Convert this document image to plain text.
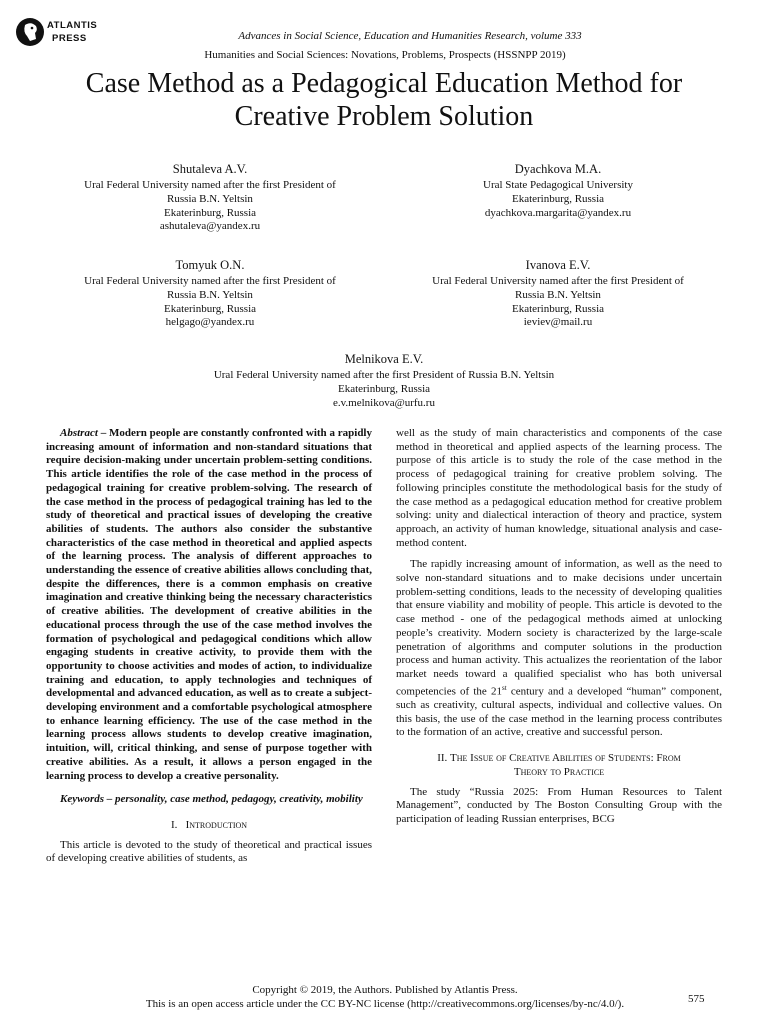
ATLANTIS
PRESS	Advances in Social Science, Education and Humanities Research, volume 333
Humanities and Social Sciences: Novations, Problems, Prospects (HSSNPP 2019)
Case Method as a Pedagogical Education Method for
Creative Problem Solution
Shutaleva A.V.
Ural Federal University named after the first President of
Russia B.N. Yeltsin
Ekaterinburg, Russia
ashutaleva@yandex.ru
Dyachkova M.A.
Ural State Pedagogical University
Ekaterinburg, Russia
dyachkova.margarita@yandex.ru
Tomyuk O.N.
Ural Federal University named after the first President of
Russia B.N. Yeltsin
Ekaterinburg, Russia
helgago@yandex.ru
Ivanova E.V.
Ural Federal University named after the first President of
Russia B.N. Yeltsin
Ekaterinburg, Russia
ieviev@mail.ru
Melnikova E.V.
Ural Federal University named after the first President of Russia B.N. Yeltsin
Ekaterinburg, Russia
e.v.melnikova@urfu.ru

Abstract – Modern people are constantly confronted with a rapidly increasing amount of information and non-standard situations that require decision-making under uncertain problem-setting conditions. This article identifies the role of the case method in the process of pedagogical training for creative problem-solving. The research of the case method in the process of pedagogical training has led to the study of theoretical and practical issues of developing the creative abilities of students. The authors also consider the substantive characteristics of the case method in theoretical and applied aspects of the learning process. The analysis of different approaches to understanding the essence of creative abilities allows concluding that, despite the differences, there is a common emphasis on creative imagination and creative thinking being the necessary characteristics of creative abilities. The development of creative abilities in the educational process through the use of the case method involves the formation of psychological and pedagogical conditions which allow engaging students in creative activity, to provide them with the opportunity to choose activities and modes of action, to individualize training and education, to apply technologies and techniques of developmental and advanced education, as well as to create a subject-developing environment and a comfortable psychological atmosphere to enhance learning efficiency. The use of the case method in the learning process allows students to develop creative imagination, intuition, will, critical thinking, and sense of purpose together with creative abilities. As a result, it allows a person engaged in the learning process to develop a creative personality.

Keywords – personality, case method, pedagogy, creativity, mobility

I. Introduction

This article is devoted to the study of theoretical and practical issues of developing creative abilities of students, as

well as the study of main characteristics and components of the case method in theoretical and applied aspects of the learning process. The purpose of this article is to study the role of the case method in the process of pedagogical training for creative problem solving. The following principles constitute the methodological basis for the study of the case method as a pedagogical education method for creative problem solving: unity and dialectical interaction of theory and practice, system approach, an activity of human knowledge, situational analysis and case-method content.

The rapidly increasing amount of information, as well as the need to solve non-standard situations and to make decisions under uncertain problem-setting conditions, leads to the necessity of developing qualities that ensure viability and mobility of people. This article is devoted to the case method - one of the pedagogical methods aimed at unlocking people’s creativity. Modern society is characterized by the large-scale penetration of algorithms and computer solutions in the production process and human activity. This actualizes the reorientation of the labor market needs toward a qualified specialist who has both universal competencies of the 21st century and a developed “human” component, such as creativity, cultural aspects, individual and collective values. On this basis, the use of the case method in the learning process contributes to the formation of an active, creative and successful person.

II. The Issue of Creative Abilities of Students: From
Theory to Practice

The study “Russia 2025: From Human Resources to Talent Management”, conducted by The Boston Consulting Group with the participation of leading Russian enterprises, BCG

Copyright © 2019, the Authors. Published by Atlantis Press.
This is an open access article under the CC BY-NC license (http://creativecommons.org/licenses/by-nc/4.0/).	575
